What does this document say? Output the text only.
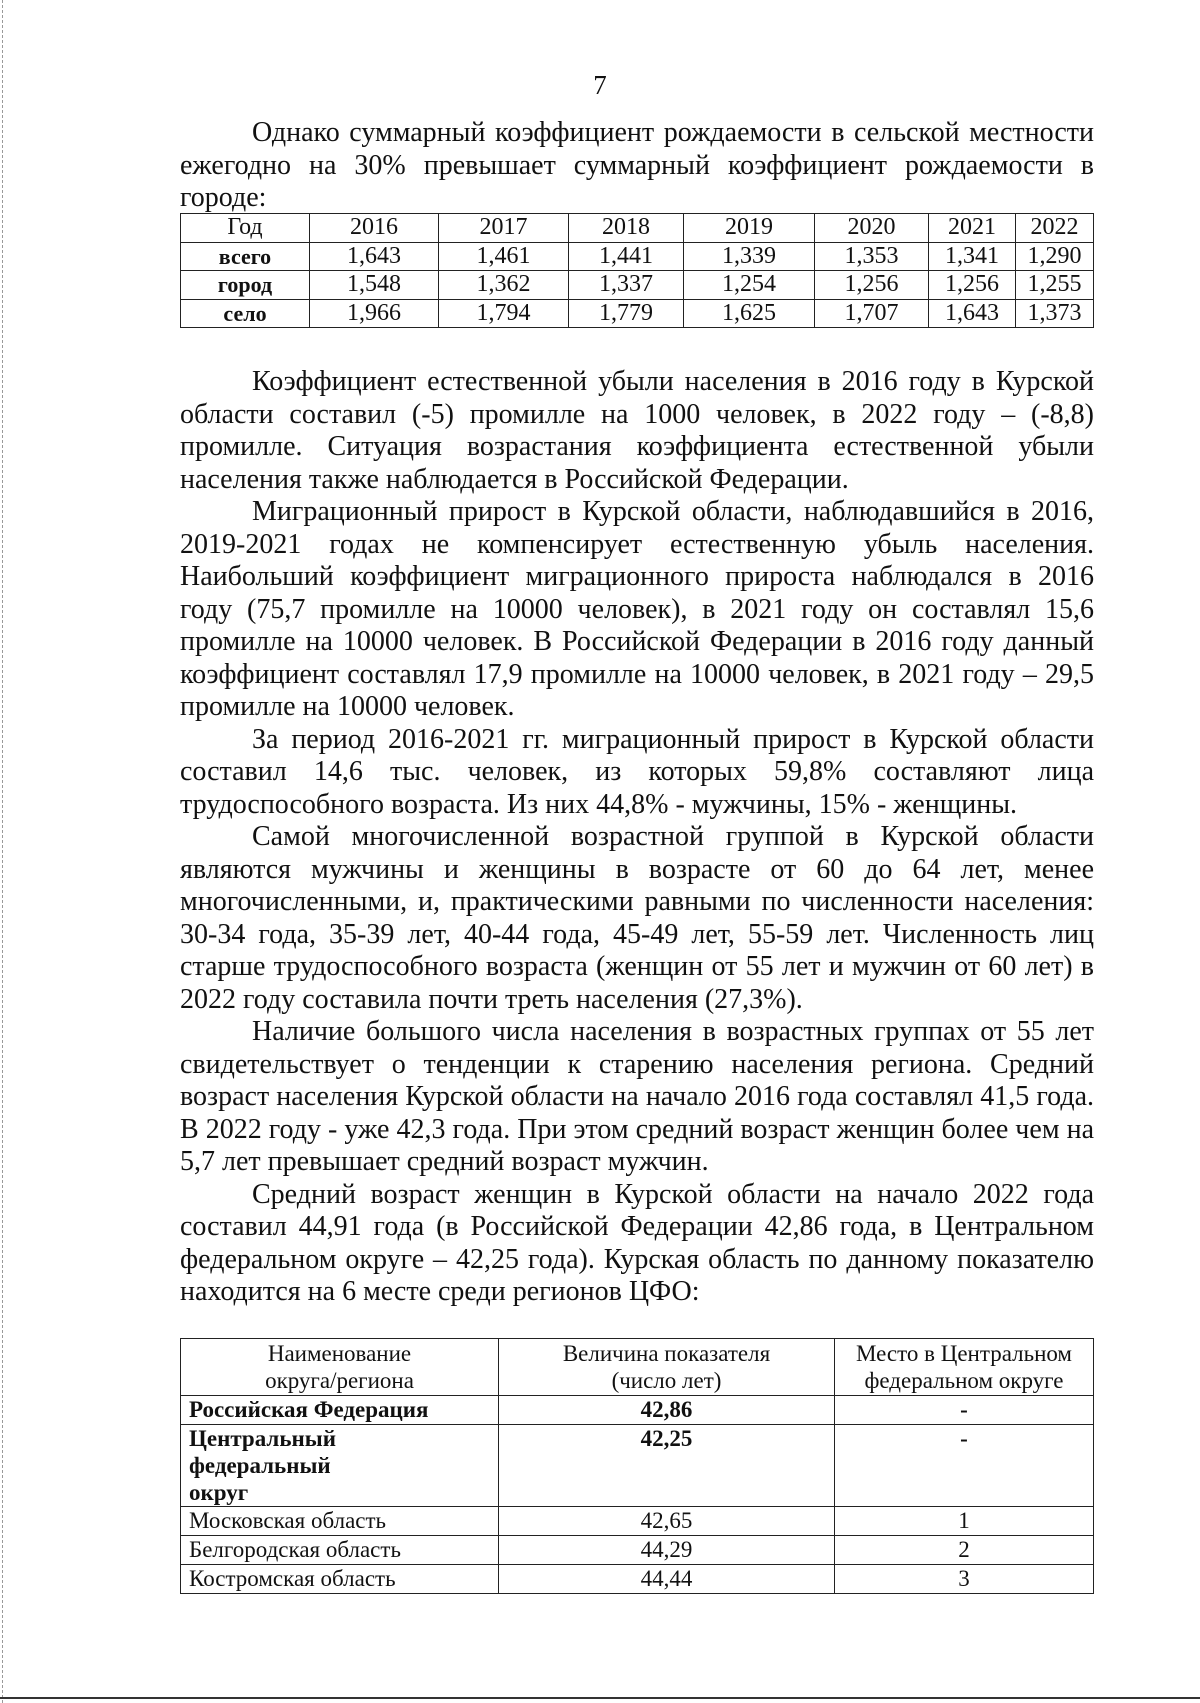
7

Однако суммарный коэффициент рождаемости в сельской местности ежегодно на 30% превышает суммарный коэффициент рождаемости в городе:

Год	2016	2017	2018	2019	2020	2021	2022
всего	1,643	1,461	1,441	1,339	1,353	1,341	1,290
город	1,548	1,362	1,337	1,254	1,256	1,256	1,255
село	1,966	1,794	1,779	1,625	1,707	1,643	1,373

Коэффициент естественной убыли населения в 2016 году в Курской области составил (-5) промилле на 1000 человек, в 2022 году – (-8,8) промилле. Ситуация возрастания коэффициента естественной убыли населения также наблюдается в Российской Федерации.

Миграционный прирост в Курской области, наблюдавшийся в 2016, 2019-2021 годах не компенсирует естественную убыль населения. Наибольший коэффициент миграционного прироста наблюдался в 2016 году (75,7 промилле на 10000 человек), в 2021 году он составлял 15,6 промилле на 10000 человек. В Российской Федерации в 2016 году данный коэффициент составлял 17,9 промилле на 10000 человек, в 2021 году – 29,5 промилле на 10000 человек.

За период 2016-2021 гг. миграционный прирост в Курской области составил 14,6 тыс. человек, из которых 59,8% составляют лица трудоспособного возраста. Из них 44,8% - мужчины, 15% - женщины.

Самой многочисленной возрастной группой в Курской области являются мужчины и женщины в возрасте от 60 до 64 лет, менее многочисленными, и, практическими равными по численности населения: 30-34 года, 35-39 лет, 40-44 года, 45-49 лет, 55-59 лет. Численность лиц старше трудоспособного возраста (женщин от 55 лет и мужчин от 60 лет) в 2022 году составила почти треть населения (27,3%).

Наличие большого числа населения в возрастных группах от 55 лет свидетельствует о тенденции к старению населения региона. Средний возраст населения Курской области на начало 2016 года составлял 41,5 года. В 2022 году - уже 42,3 года. При этом средний возраст женщин более чем на 5,7 лет превышает средний возраст мужчин.

Средний возраст женщин в Курской области на начало 2022 года составил 44,91 года (в Российской Федерации 42,86 года, в Центральном федеральном округе – 42,25 года). Курская область по данному показателю находится на 6 месте среди регионов ЦФО:

Наименование округа/региона	Величина показателя (число лет)	Место в Центральном федеральном округе
Российская Федерация	42,86	-
Центральный федеральный округ	42,25	-
Московская область	42,65	1
Белгородская область	44,29	2
Костромская область	44,44	3
